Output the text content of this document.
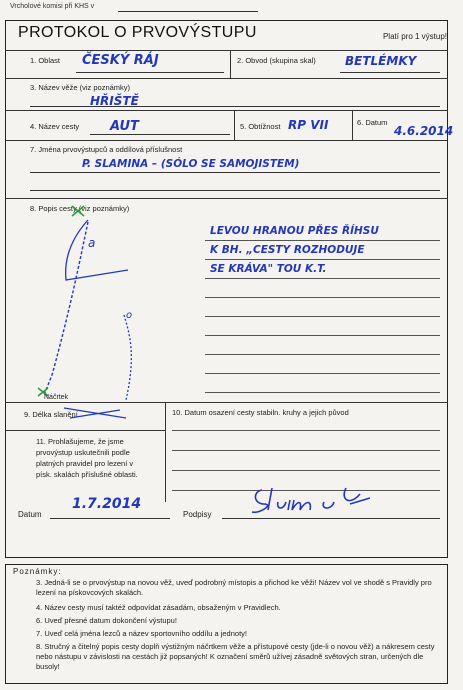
Vrcholové komisi při KHS v
PROTOKOL O PRVOVÝSTUPU	Platí pro 1 výstup!
1. Oblast ČESKÝ RÁJ	2. Obvod (skupina skal) BETLÉMKY
3. Název věže (viz poznámky)
HŘIŠTĚ
4. Název cesty AUT	5. Obtížnost RP VII	6. Datum
4.6.2014
7. Jména prvovýstupců a oddílová příslušnost
P. SLAMINA – (SÓLO SE SAMOJISTEM)
8. Popis cesty (viz poznámky)
a
o
Náčrtek
LEVOU HRANOU PŘES ŘÍHSU
K BH. „CESTY ROZHODUJE
SE KRÁVA" TOU K.T.
9. Délka slanění	10. Datum osazení cesty stabiln. kruhy a jejich původ
11. Prohlašujeme, že jsme prvovýstup uskutečnili podle platných pravidel pro lezení v písk. skalách příslušné oblasti.
Datum
1.7.2014
Podpisy
Poznámky:
3. Jedná-li se o prvovýstup na novou věž, uveď podrobný místopis a přichod ke věži! Název vol ve shodě s Pravidly pro lezení na pískovcových skalách.
4. Název cesty musí taktéž odpovídat zásadám, obsaženým v Pravidlech.
6. Uveď přesné datum dokončení výstupu!
7. Uveď celá jména lezců a název sportovního oddílu a jednoty!
8. Stručný a čitelný popis cesty doplň výstižným náčrtkem věže a přístupové cesty (jde-li o novou věž) a nákresem cesty nebo nástupu v závislosti na cestách již popsaných! K označení směrů užívej zásadně světových stran, určených dle busoly!
